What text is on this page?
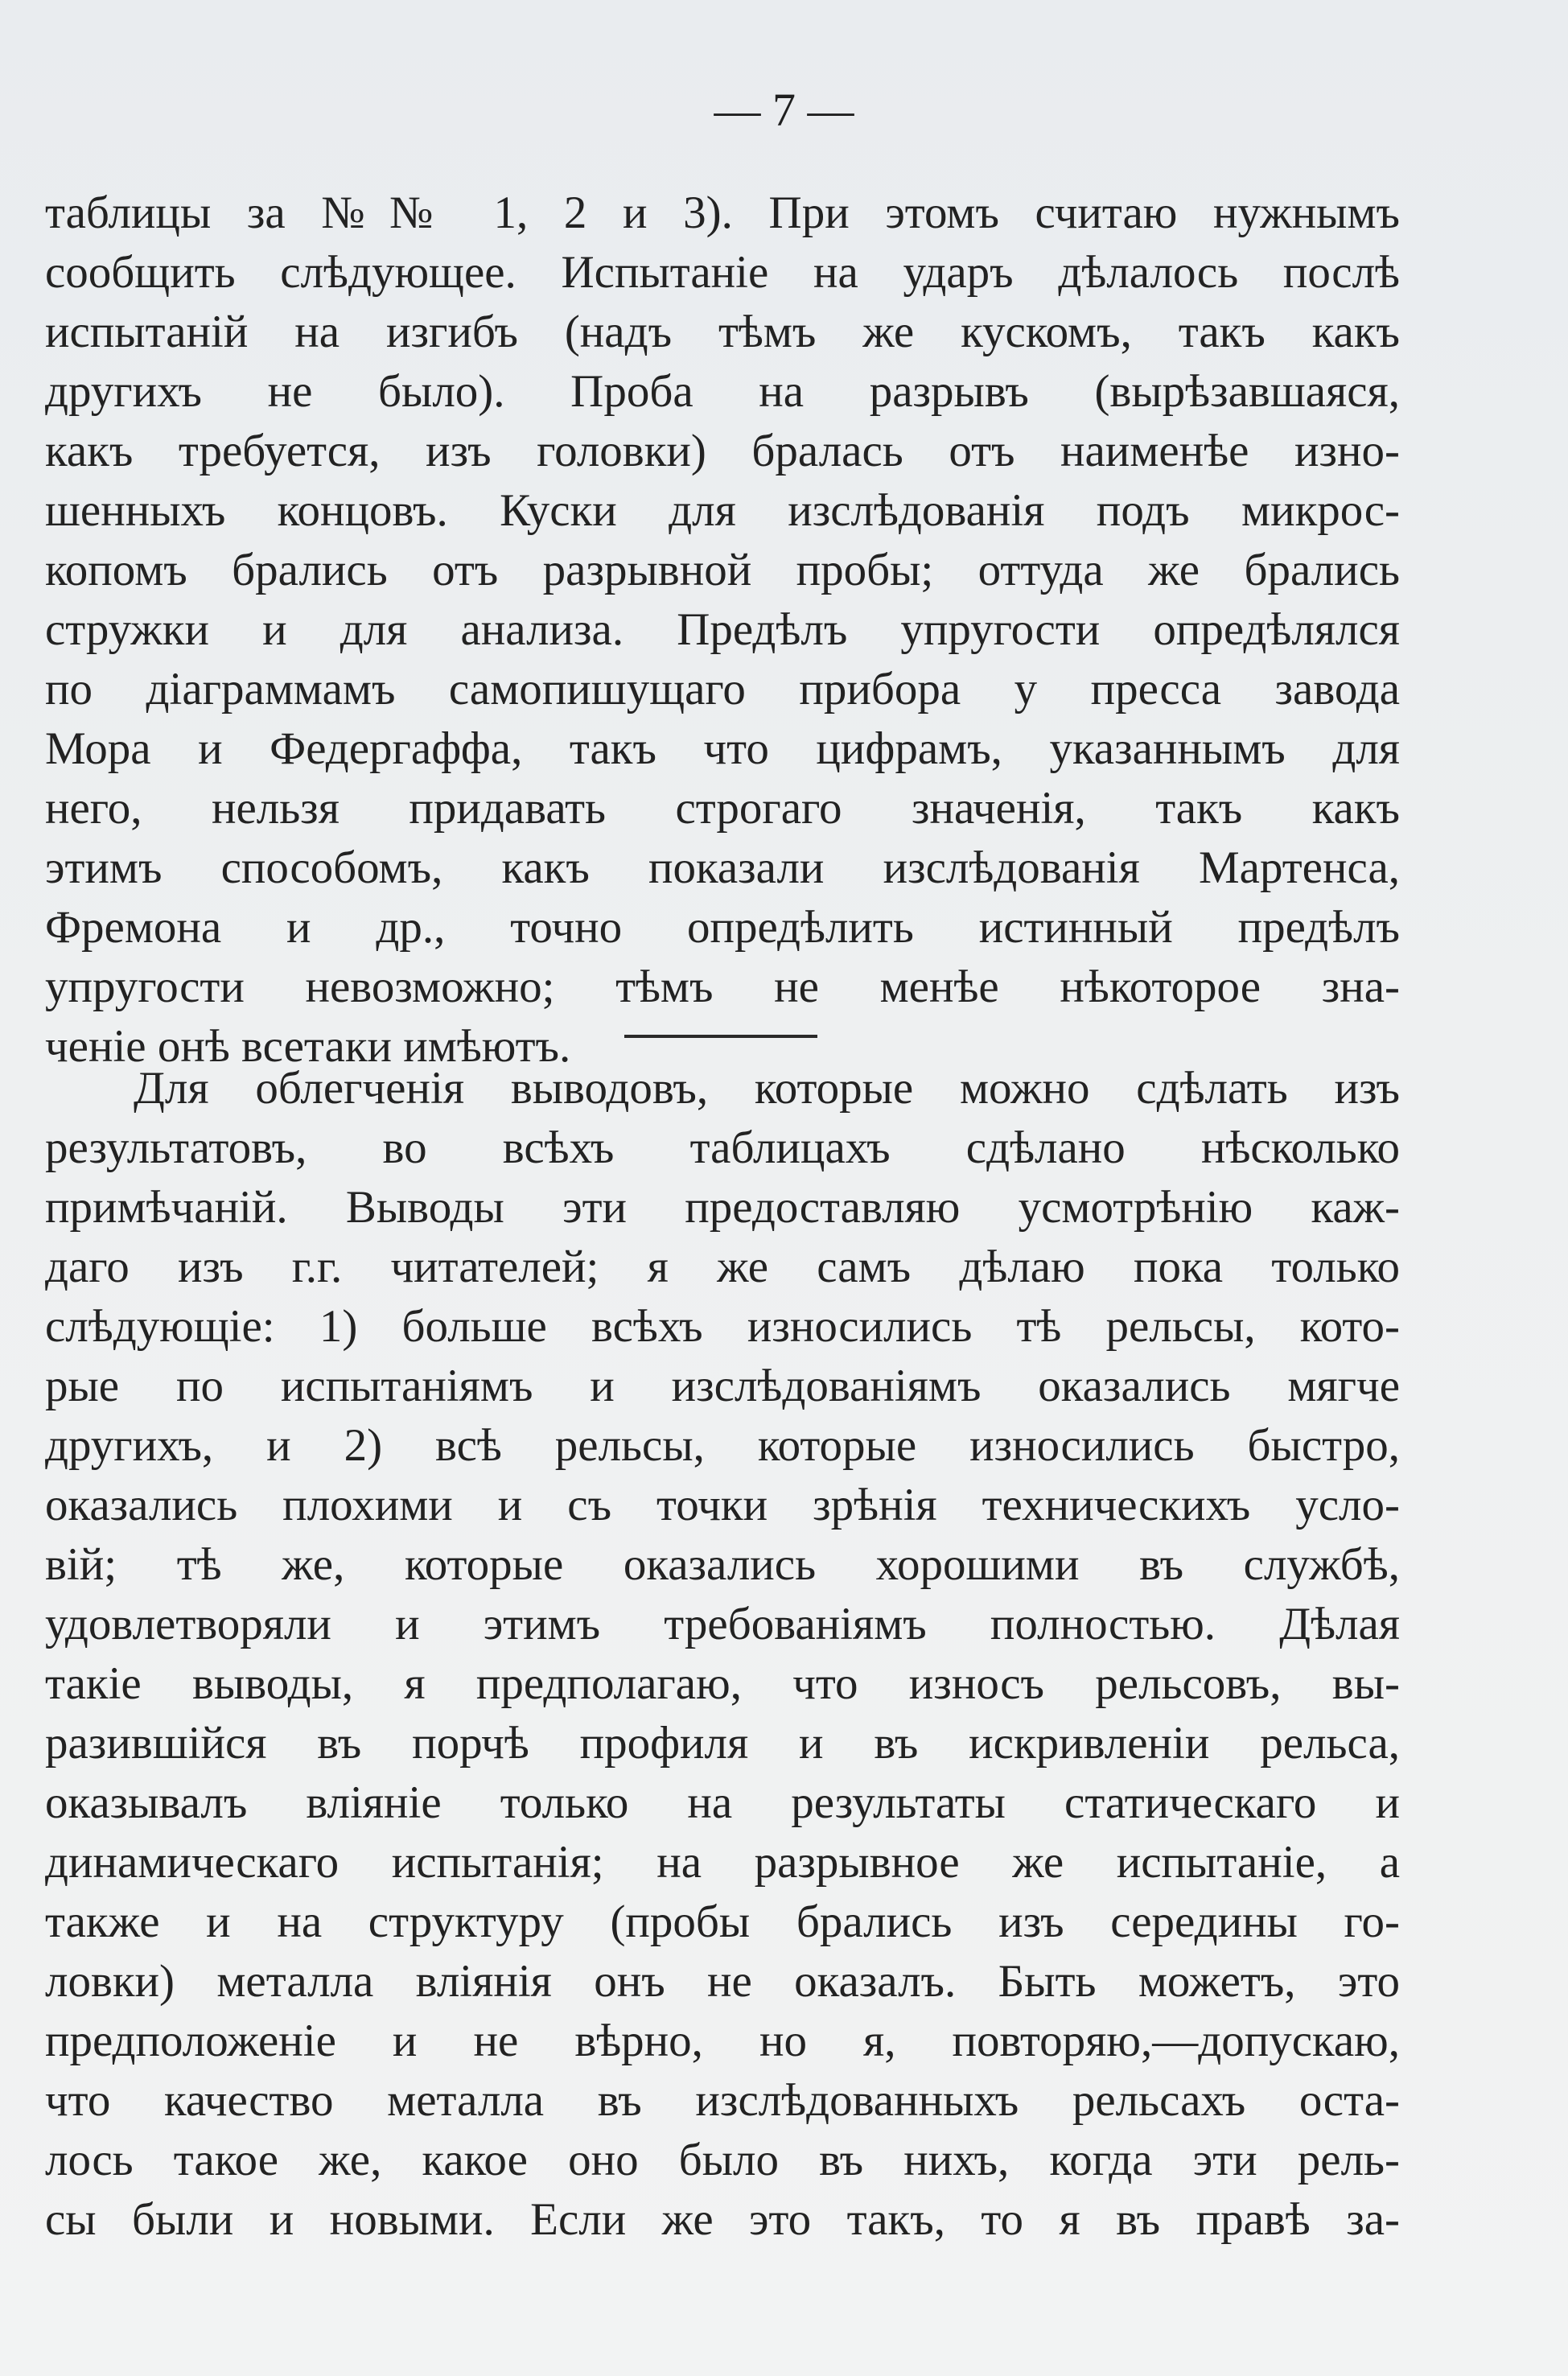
— 7 —
таблицы за №№ 1, 2 и 3). При этомъ считаю нужнымъ
сообщить слѣдующее. Испытаніе на ударъ дѣлалось послѣ
испытаній на изгибъ (надъ тѣмъ же кускомъ, такъ какъ
другихъ не было). Проба на разрывъ (вырѣзавшаяся,
какъ требуется, изъ головки) бралась отъ наименѣе изно-
шенныхъ концовъ. Куски для изслѣдованія подъ микрос-
копомъ брались отъ разрывной пробы; оттуда же брались
стружки и для анализа. Предѣлъ упругости опредѣлялся
по діаграммамъ самопишущаго прибора у пресса завода
Мора и Федергаффа, такъ что цифрамъ, указаннымъ для
него, нельзя придавать строгаго значенія, такъ какъ
этимъ способомъ, какъ показали изслѣдованія Мартенса,
Фремона и др., точно опредѣлить истинный предѣлъ
упругости невозможно; тѣмъ не менѣе нѣкоторое зна-
ченіе онѣ всетаки имѣютъ.
Для облегченія выводовъ, которые можно сдѣлать изъ
результатовъ, во всѣхъ таблицахъ сдѣлано нѣсколько
примѣчаній. Выводы эти предоставляю усмотрѣнію каж-
даго изъ г.г. читателей; я же самъ дѣлаю пока только
слѣдующіе: 1) больше всѣхъ износились тѣ рельсы, кото-
рые по испытаніямъ и изслѣдованіямъ оказались мягче
другихъ, и 2) всѣ рельсы, которые износились быстро,
оказались плохими и съ точки зрѣнія техническихъ усло-
вій; тѣ же, которые оказались хорошими въ службѣ,
удовлетворяли и этимъ требованіямъ полностью. Дѣлая
такіе выводы, я предполагаю, что износъ рельсовъ, вы-
разившійся въ порчѣ профиля и въ искривленіи рельса,
оказывалъ вліяніе только на результаты статическаго и
динамическаго испытанія; на разрывное же испытаніе, а
также и на структуру (пробы брались изъ середины го-
ловки) металла вліянія онъ не оказалъ. Быть можетъ, это
предположеніе и не вѣрно, но я, повторяю,—допускаю,
что качество металла въ изслѣдованныхъ рельсахъ оста-
лось такое же, какое оно было въ нихъ, когда эти рель-
сы были и новыми. Если же это такъ, то я въ правѣ за-
